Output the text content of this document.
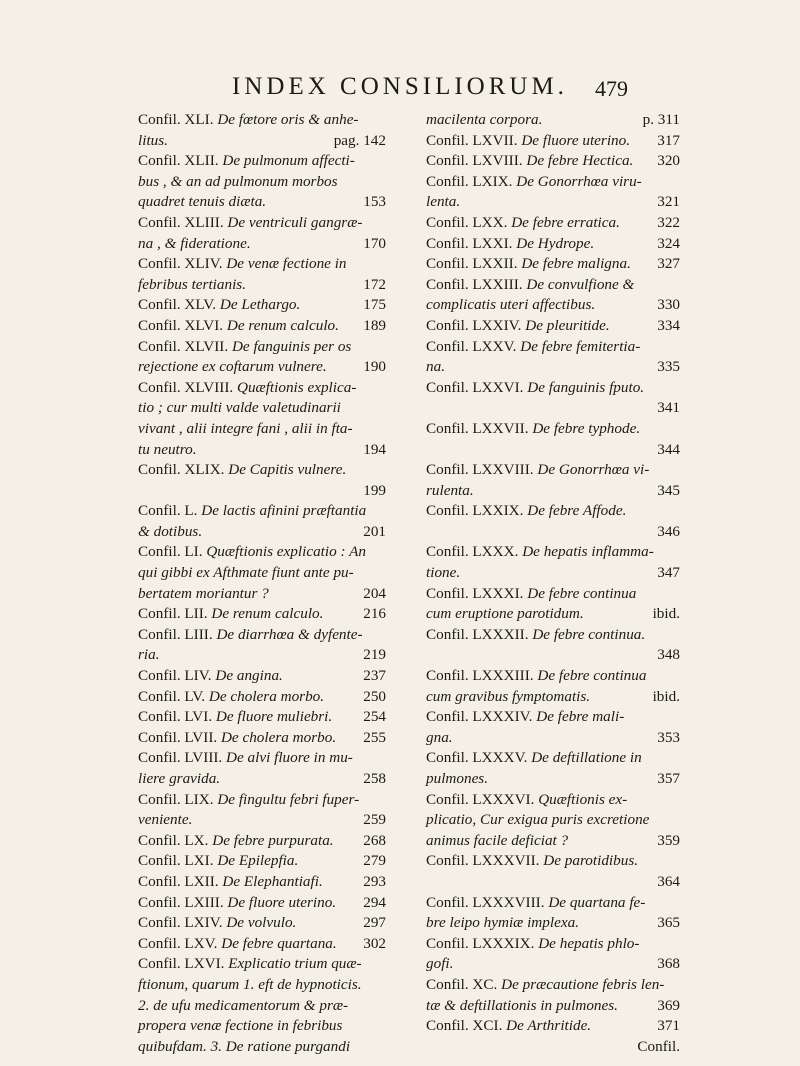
INDEX CONSILIORUM.	479
Confil. XLI. De fœtore oris & anhe-
litus.	pag. 142
Confil. XLII. De pulmonum affecti-
bus , & an ad pulmonum morbos
quadret tenuis diæta.	153
Confil. XLIII. De ventriculi gangræ-
na , & fideratione.	170
Confil. XLIV. De venæ fectione in
febribus tertianis.	172
Confil. XLV. De Lethargo.	175
Confil. XLVI. De renum calculo. 189
Confil. XLVII. De fanguinis per os
rejectione ex coftarum vulnere. 190
Confil. XLVIII. Quæftionis explica-
tio ; cur multi valde valetudinarii
vivant , alii integre fani , alii in fta-
tu neutro.	194
Confil. XLIX. De Capitis vulnere.
199
Confil. L. De lactis afinini præftantia
& dotibus.	201
Confil. LI. Quæftionis explicatio : An
qui gibbi ex Afthmate fiunt ante pu-
bertatem moriantur ?	204
Confil. LII. De renum calculo.	216
Confil. LIII. De diarrhœa & dyfente-
ria.	219
Confil. LIV. De angina.	237
Confil. LV. De cholera morbo.	250
Confil. LVI. De fluore muliebri. 254
Confil. LVII. De cholera morbo. 255
Confil. LVIII. De alvi fluore in mu-
liere gravida.	258
Confil. LIX. De fingultu febri fuper-
veniente.	259
Confil. LX. De febre purpurata. 268
Confil. LXI. De Epilepfia.	279
Confil. LXII. De Elephantiafi.	293
Confil. LXIII. De fluore uterino. 294
Confil. LXIV. De volvulo.	297
Confil. LXV. De febre quartana. 302
Confil. LXVI. Explicatio trium quæ-
ftionum, quarum 1. eft de hypnoticis.
2. de ufu medicamentorum & præ-
propera venæ fectione in febribus
quibufdam. 3. De ratione purgandi
macilenta corpora.	p. 311
Confil. LXVII. De fluore uterino. 317
Confil. LXVIII. De febre Hectica. 320
Confil. LXIX. De Gonorrhœa viru-
lenta.	321
Confil. LXX. De febre erratica. 322
Confil. LXXI. De Hydrope.	324
Confil. LXXII. De febre maligna. 327
Confil. LXXIII. De convulfione &
complicatis uteri affectibus.	330
Confil. LXXIV. De pleuritide.	334
Confil. LXXV. De febre femitertia-
na.	335
Confil. LXXVI. De fanguinis fputo.
341
Confil. LXXVII. De febre typhode.
344
Confil. LXXVIII. De Gonorrhœa vi-
rulenta.	345
Confil. LXXIX. De febre Affode.
346
Confil. LXXX. De hepatis inflamma-
tione.	347
Confil. LXXXI. De febre continua
cum eruptione parotidum.	ibid.
Confil. LXXXII. De febre continua.
348
Confil. LXXXIII. De febre continua
cum gravibus fymptomatis.	ibid.
Confil. LXXXIV. De febre mali-
gna.	353
Confil. LXXXV. De deftillatione in
pulmones.	357
Confil. LXXXVI. Quæftionis ex-
plicatio, Cur exigua puris excretione
animus facile deficiat ?	359
Confil. LXXXVII. De parotidibus.
364
Confil. LXXXVIII. De quartana fe-
bre leipo hymiæ implexa.	365
Confil. LXXXIX. De hepatis phlo-
gofi.	368
Confil. XC. De præcautione febris len-
tæ & deftillationis in pulmones.	369
Confil. XCI. De Arthritide.	371
Confil.
